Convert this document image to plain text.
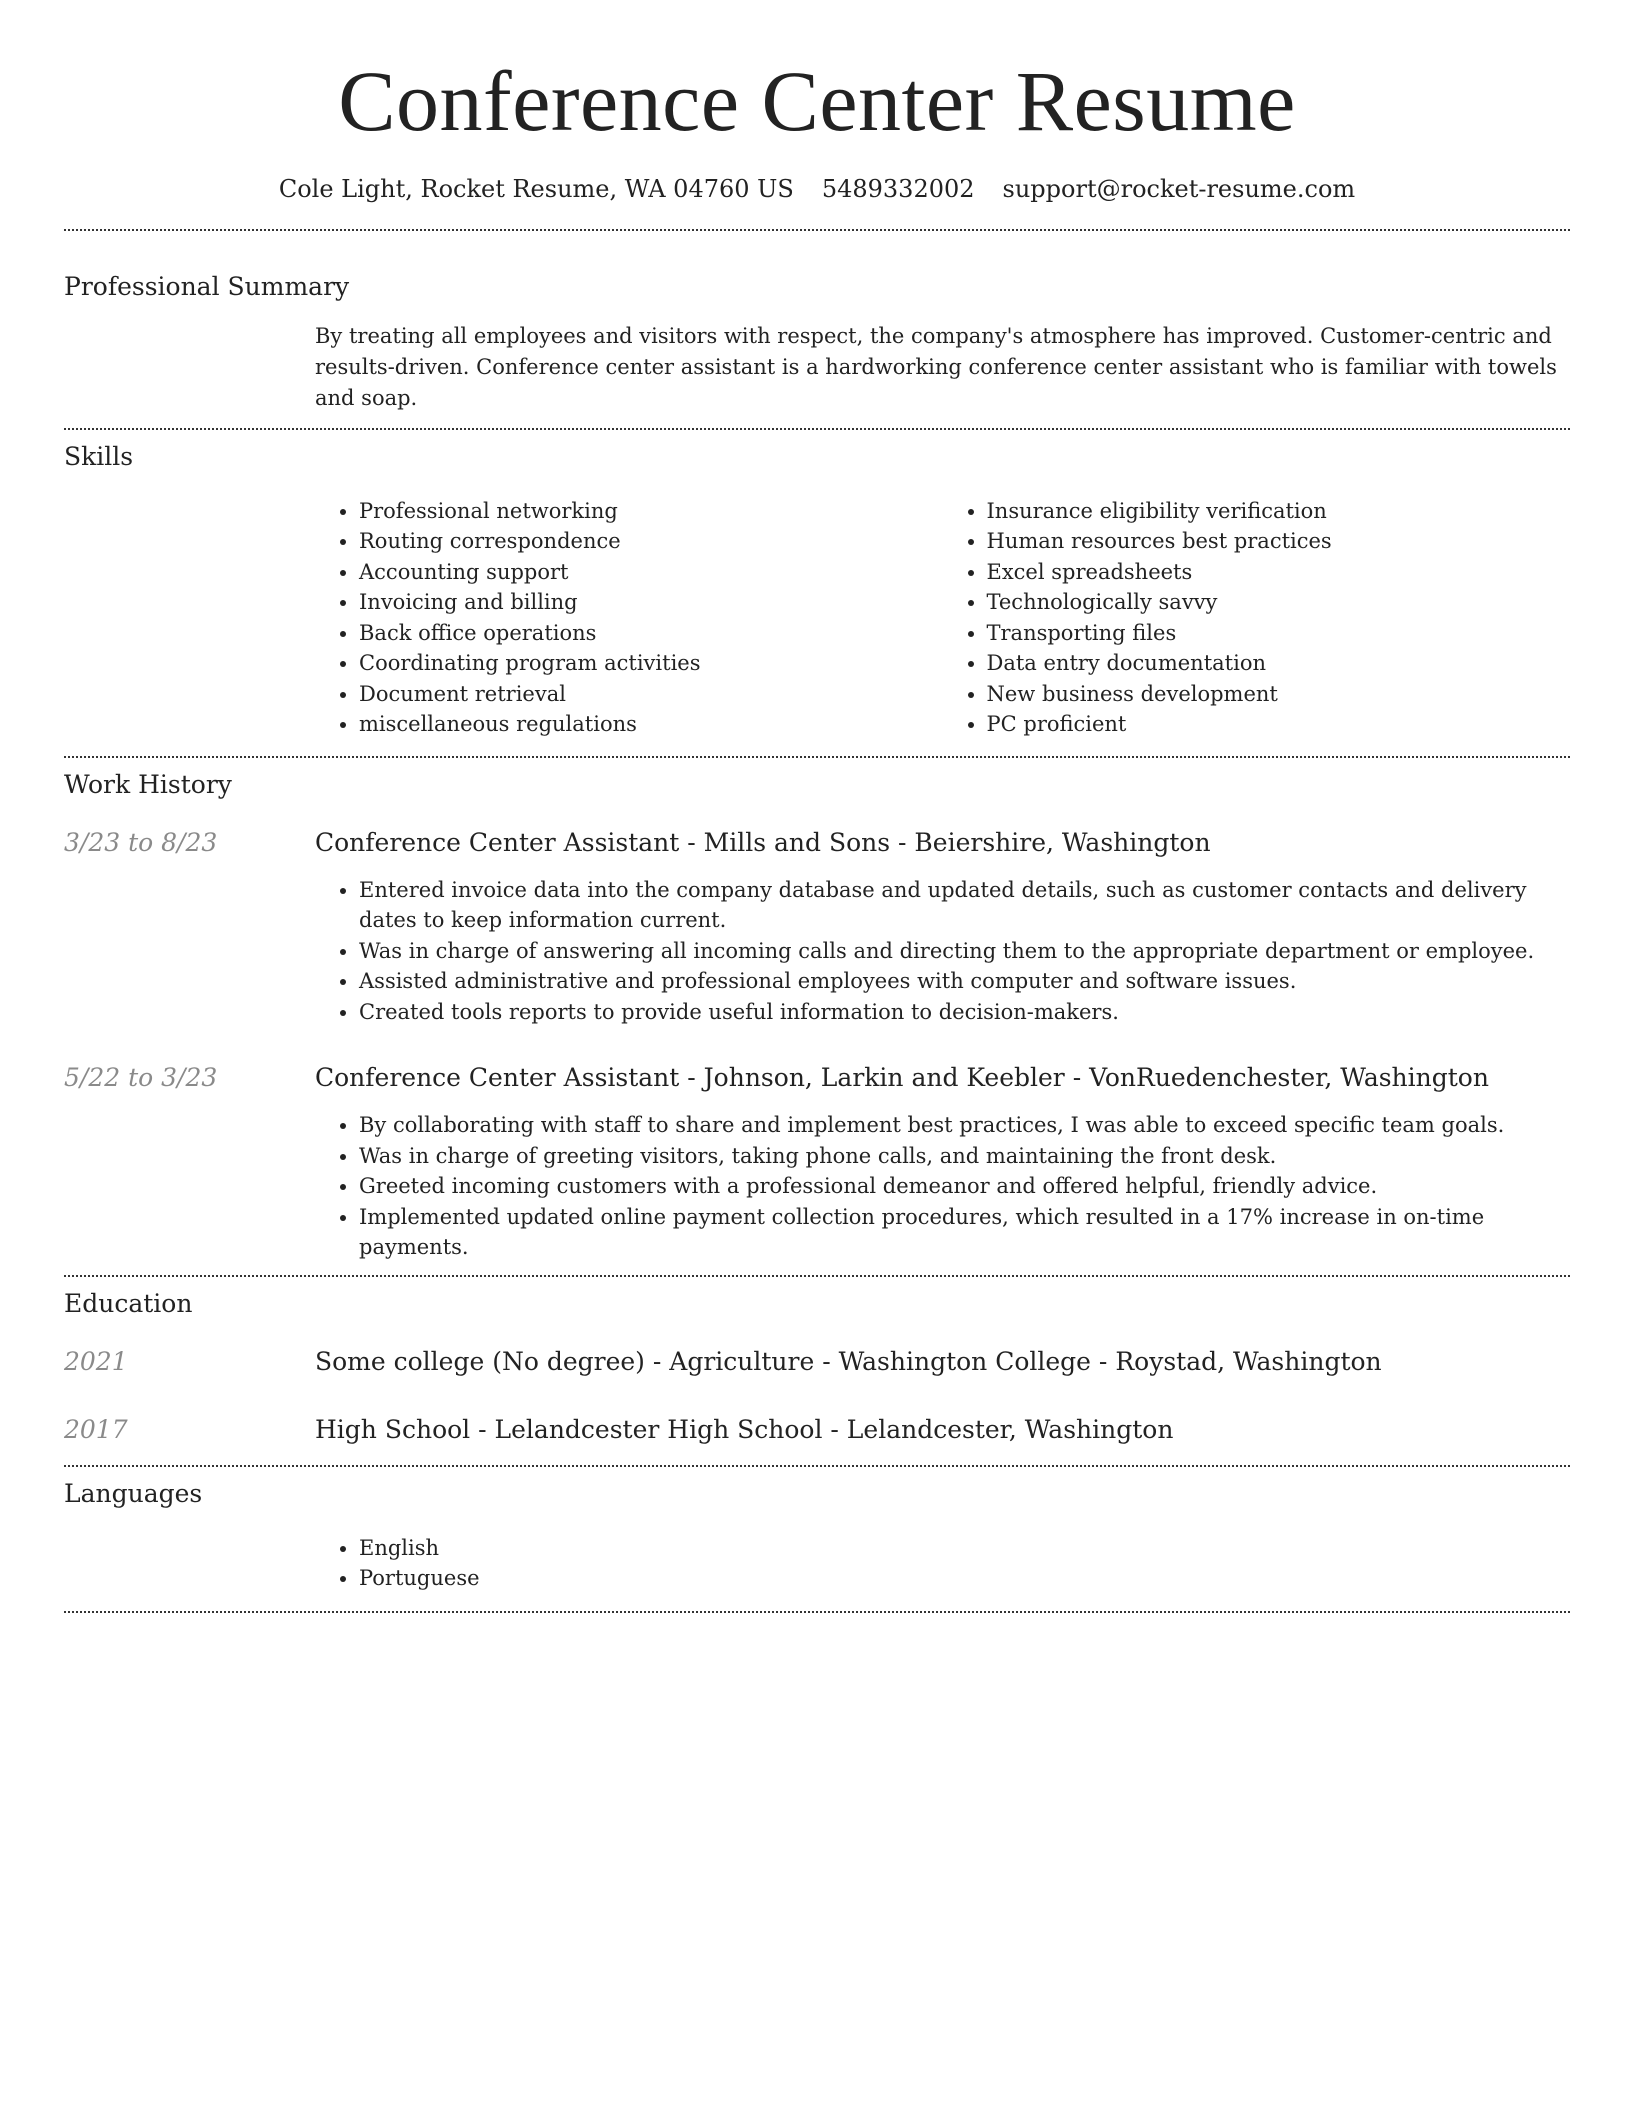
Conference Center Resume
Cole Light, Rocket Resume, WA 04760 US 5489332002 support@rocket-resume.com
Professional Summary

By treating all employees and visitors with respect, the company's atmosphere has improved. Customer-centric and results-driven. Conference center assistant is a hardworking conference center assistant who is familiar with towels and soap.

Skills
• Professional networking
• Routing correspondence
• Accounting support
• Invoicing and billing
• Back office operations
• Coordinating program activities
• Document retrieval
• miscellaneous regulations
• Insurance eligibility verification
• Human resources best practices
• Excel spreadsheets
• Technologically savvy
• Transporting files
• Data entry documentation
• New business development
• PC proficient
Work History
3/23 to 8/23	Conference Center Assistant - Mills and Sons - Beiershire, Washington
• Entered invoice data into the company database and updated details, such as customer contacts and delivery dates to keep information current.
• Was in charge of answering all incoming calls and directing them to the appropriate department or employee.
• Assisted administrative and professional employees with computer and software issues.
• Created tools reports to provide useful information to decision-makers.
5/22 to 3/23	Conference Center Assistant - Johnson, Larkin and Keebler - VonRuedenchester, Washington
• By collaborating with staff to share and implement best practices, I was able to exceed specific team goals.
• Was in charge of greeting visitors, taking phone calls, and maintaining the front desk.
• Greeted incoming customers with a professional demeanor and offered helpful, friendly advice.
• Implemented updated online payment collection procedures, which resulted in a 17% increase in on-time payments.
Education
2021	Some college (No degree) - Agriculture - Washington College - Roystad, Washington
2017	High School - Lelandcester High School - Lelandcester, Washington
Languages
• English
• Portuguese
